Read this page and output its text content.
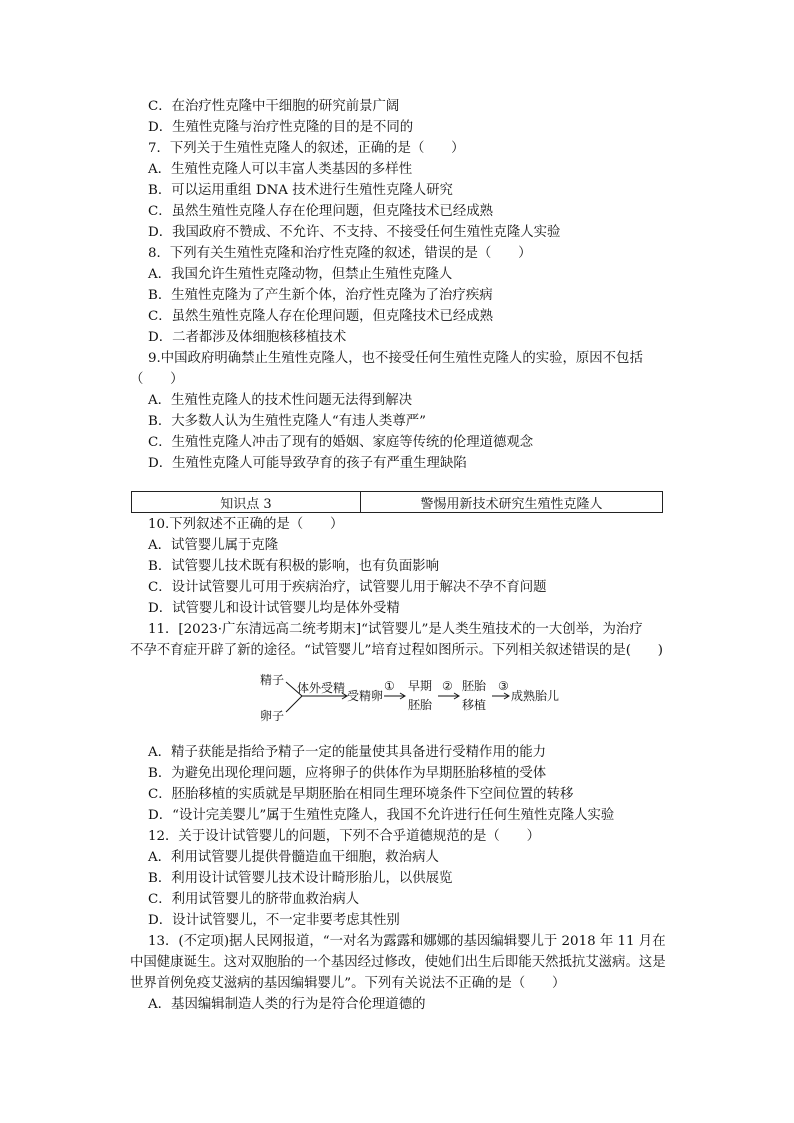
C．在治疗性克隆中干细胞的研究前景广阔
D．生殖性克隆与治疗性克隆的目的是不同的
7．下列关于生殖性克隆人的叙述，正确的是（　　）
A．生殖性克隆人可以丰富人类基因的多样性
B．可以运用重组 DNA 技术进行生殖性克隆人研究
C．虽然生殖性克隆人存在伦理问题，但克隆技术已经成熟
D．我国政府不赞成、不允许、不支持、不接受任何生殖性克隆人实验
8．下列有关生殖性克隆和治疗性克隆的叙述，错误的是（　　）
A．我国允许生殖性克隆动物，但禁止生殖性克隆人
B．生殖性克隆为了产生新个体，治疗性克隆为了治疗疾病
C．虽然生殖性克隆人存在伦理问题，但克隆技术已经成熟
D．二者都涉及体细胞核移植技术
9.中国政府明确禁止生殖性克隆人，也不接受任何生殖性克隆人的实验，原因不包括
（　　）
A．生殖性克隆人的技术性问题无法得到解决
B．大多数人认为生殖性克隆人“有违人类尊严”
C．生殖性克隆人冲击了现有的婚姻、家庭等传统的伦理道德观念
D．生殖性克隆人可能导致孕育的孩子有严重生理缺陷
知识点 3	警惕用新技术研究生殖性克隆人
10.下列叙述不正确的是（　　）
A．试管婴儿属于克隆
B．试管婴儿技术既有积极的影响，也有负面影响
C．设计试管婴儿可用于疾病治疗，试管婴儿用于解决不孕不育问题
D．试管婴儿和设计试管婴儿均是体外受精
11．[2023·广东清远高二统考期末]“试管婴儿”是人类生殖技术的一大创举，为治疗
不孕不育症开辟了新的途径。“试管婴儿”培育过程如图所示。下列相关叙述错误的是(　　)
精子
卵子
体外受精
受精卵
① 早期
胚胎
② 胚胎
移植
③
成熟胎儿
A．精子获能是指给予精子一定的能量使其具备进行受精作用的能力
B．为避免出现伦理问题，应将卵子的供体作为早期胚胎移植的受体
C．胚胎移植的实质就是早期胚胎在相同生理环境条件下空间位置的转移
D．“设计完美婴儿”属于生殖性克隆人，我国不允许进行任何生殖性克隆人实验
12．关于设计试管婴儿的问题，下列不合乎道德规范的是（　　）
A．利用试管婴儿提供骨髓造血干细胞，救治病人
B．利用设计试管婴儿技术设计畸形胎儿，以供展览
C．利用试管婴儿的脐带血救治病人
D．设计试管婴儿，不一定非要考虑其性别
13．(不定项)据人民网报道，“一对名为露露和娜娜的基因编辑婴儿于 2018 年 11 月在
中国健康诞生。这对双胞胎的一个基因经过修改，使她们出生后即能天然抵抗艾滋病。这是
世界首例免疫艾滋病的基因编辑婴儿”。下列有关说法不正确的是（　　）
A．基因编辑制造人类的行为是符合伦理道德的
